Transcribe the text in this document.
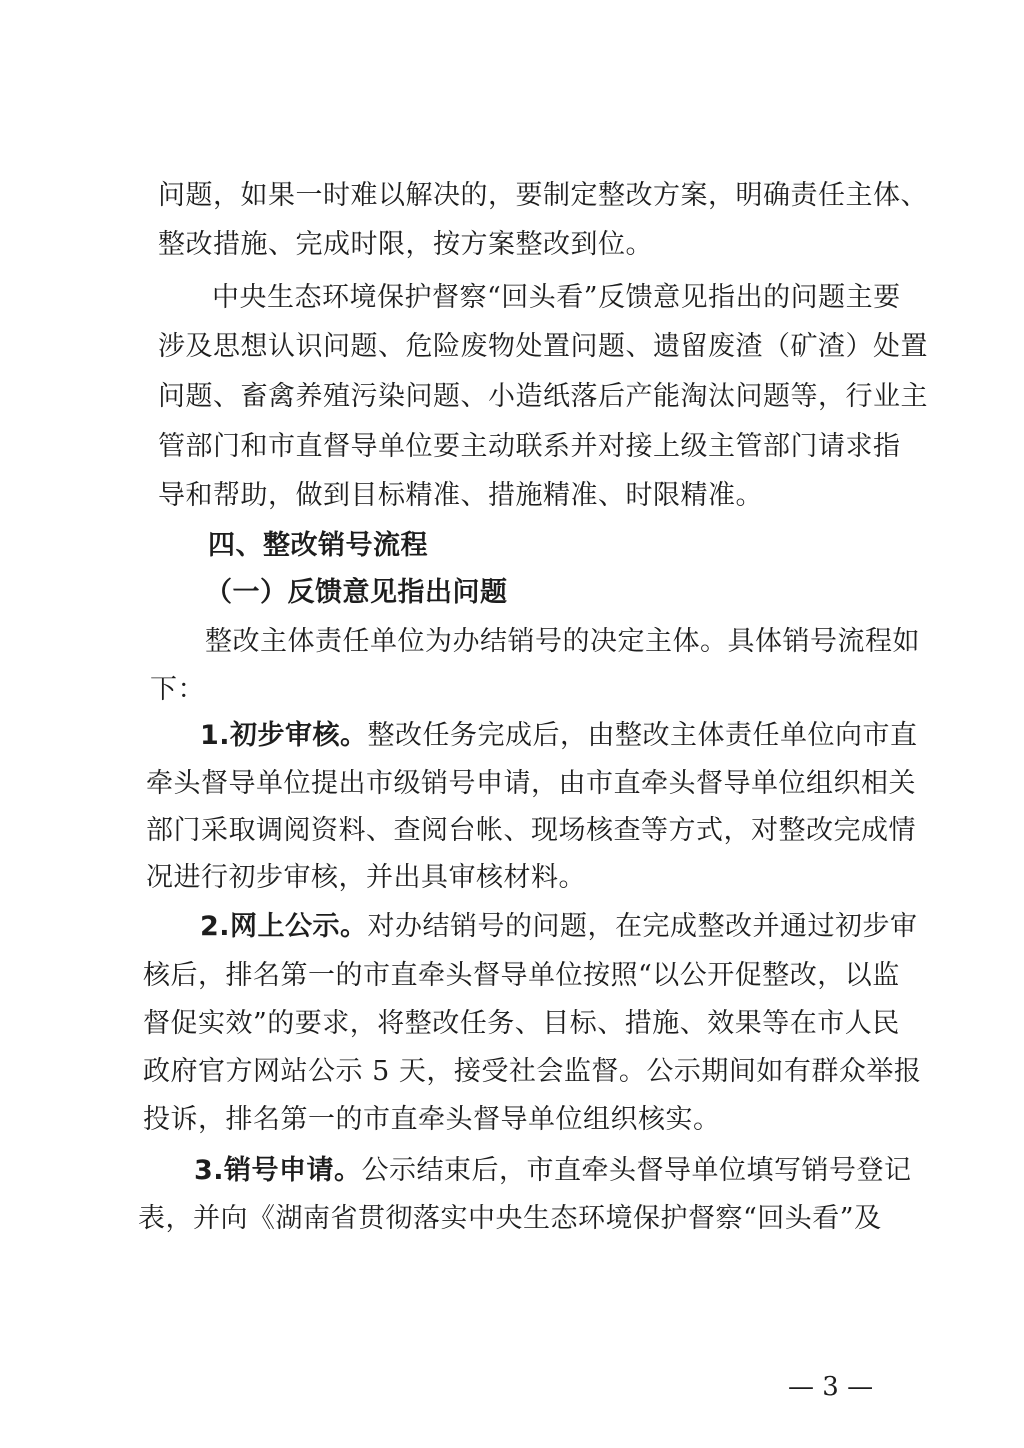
问题，如果一时难以解决的，要制定整改方案，明确责任主体、
整改措施、完成时限，按方案整改到位。
中央生态环境保护督察“回头看”反馈意见指出的问题主要
涉及思想认识问题、危险废物处置问题、遗留废渣（矿渣）处置
问题、畜禽养殖污染问题、小造纸落后产能淘汰问题等，行业主
管部门和市直督导单位要主动联系并对接上级主管部门请求指
导和帮助，做到目标精准、措施精准、时限精准。
四、整改销号流程
（一）反馈意见指出问题
整改主体责任单位为办结销号的决定主体。具体销号流程如
下：
1.初步审核。整改任务完成后，由整改主体责任单位向市直
牵头督导单位提出市级销号申请，由市直牵头督导单位组织相关
部门采取调阅资料、查阅台帐、现场核查等方式，对整改完成情
况进行初步审核，并出具审核材料。
2.网上公示。对办结销号的问题，在完成整改并通过初步审
核后，排名第一的市直牵头督导单位按照“以公开促整改，以监
督促实效”的要求，将整改任务、目标、措施、效果等在市人民
政府官方网站公示 5 天，接受社会监督。公示期间如有群众举报
投诉，排名第一的市直牵头督导单位组织核实。
3.销号申请。公示结束后，市直牵头督导单位填写销号登记
表，并向《湖南省贯彻落实中央生态环境保护督察“回头看”及
— 3 —
